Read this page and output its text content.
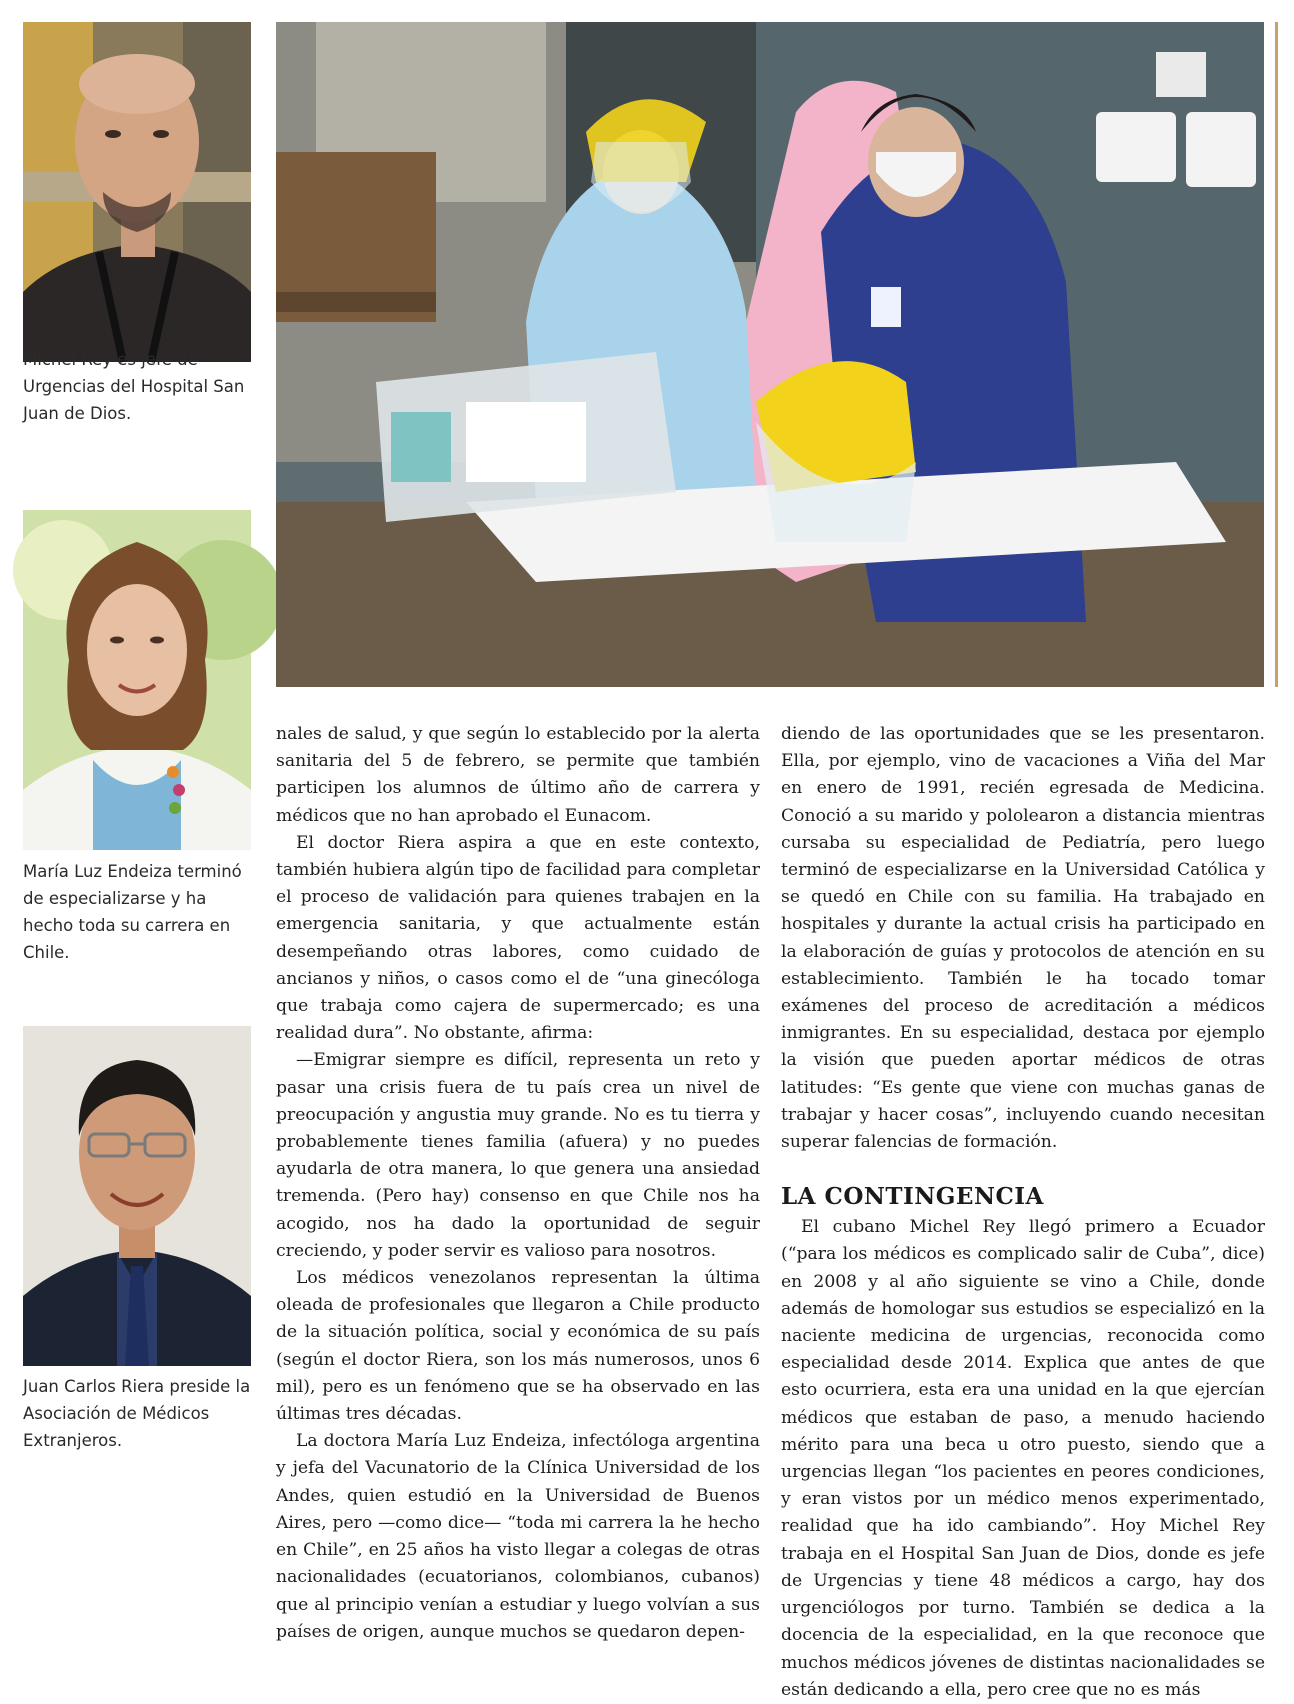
Michel Rey es jefe de Urgencias del Hospital San Juan de Dios.

María Luz Endeiza terminó de especializarse y ha hecho toda su carrera en Chile.

Juan Carlos Riera preside la Asociación de Médicos Extranjeros.

nales de salud, y que según lo establecido por la alerta sanitaria del 5 de febrero, se permite que también participen los alumnos de último año de carrera y médicos que no han aprobado el Eunacom.

El doctor Riera aspira a que en este contexto, también hubiera algún tipo de facilidad para completar el proceso de validación para quienes trabajen en la emergencia sanitaria, y que actualmente están desempeñando otras labores, como cuidado de ancianos y niños, o casos como el de “una ginecóloga que trabaja como cajera de supermercado; es una realidad dura”. No obstante, afirma:

—Emigrar siempre es difícil, representa un reto y pasar una crisis fuera de tu país crea un nivel de preocupación y angustia muy grande. No es tu tierra y probablemente tienes familia (afuera) y no puedes ayudarla de otra manera, lo que genera una ansiedad tremenda. (Pero hay) consenso en que Chile nos ha acogido, nos ha dado la oportunidad de seguir creciendo, y poder servir es valioso para nosotros.

Los médicos venezolanos representan la última oleada de profesionales que llegaron a Chile producto de la situación política, social y económica de su país (según el doctor Riera, son los más numerosos, unos 6 mil), pero es un fenómeno que se ha observado en las últimas tres décadas.

La doctora María Luz Endeiza, infectóloga argentina y jefa del Vacunatorio de la Clínica Universidad de los Andes, quien estudió en la Universidad de Buenos Aires, pero —como dice— “toda mi carrera la he hecho en Chile”, en 25 años ha visto llegar a colegas de otras nacionalidades (ecuatorianos, colombianos, cubanos) que al principio venían a estudiar y luego volvían a sus países de origen, aunque muchos se quedaron depen-

diendo de las oportunidades que se les presentaron. Ella, por ejemplo, vino de vacaciones a Viña del Mar en enero de 1991, recién egresada de Medicina. Conoció a su marido y pololearon a distancia mientras cursaba su especialidad de Pediatría, pero luego terminó de especializarse en la Universidad Católica y se quedó en Chile con su familia. Ha trabajado en hospitales y durante la actual crisis ha participado en la elaboración de guías y protocolos de atención en su establecimiento. También le ha tocado tomar exámenes del proceso de acreditación a médicos inmigrantes. En su especialidad, destaca por ejemplo la visión que pueden aportar médicos de otras latitudes: “Es gente que viene con muchas ganas de trabajar y hacer cosas”, incluyendo cuando necesitan superar falencias de formación.

LA CONTINGENCIA

El cubano Michel Rey llegó primero a Ecuador (“para los médicos es complicado salir de Cuba”, dice) en 2008 y al año siguiente se vino a Chile, donde además de homologar sus estudios se especializó en la naciente medicina de urgencias, reconocida como especialidad desde 2014. Explica que antes de que esto ocurriera, esta era una unidad en la que ejercían médicos que estaban de paso, a menudo haciendo mérito para una beca u otro puesto, siendo que a urgencias llegan “los pacientes en peores condiciones, y eran vistos por un médico menos experimentado, realidad que ha ido cambiando”. Hoy Michel Rey trabaja en el Hospital San Juan de Dios, donde es jefe de Urgencias y tiene 48 médicos a cargo, hay dos urgenciólogos por turno. También se dedica a la docencia de la especialidad, en la que reconoce que muchos médicos jóvenes de distintas nacionalidades se están dedicando a ella, pero cree que no es más
